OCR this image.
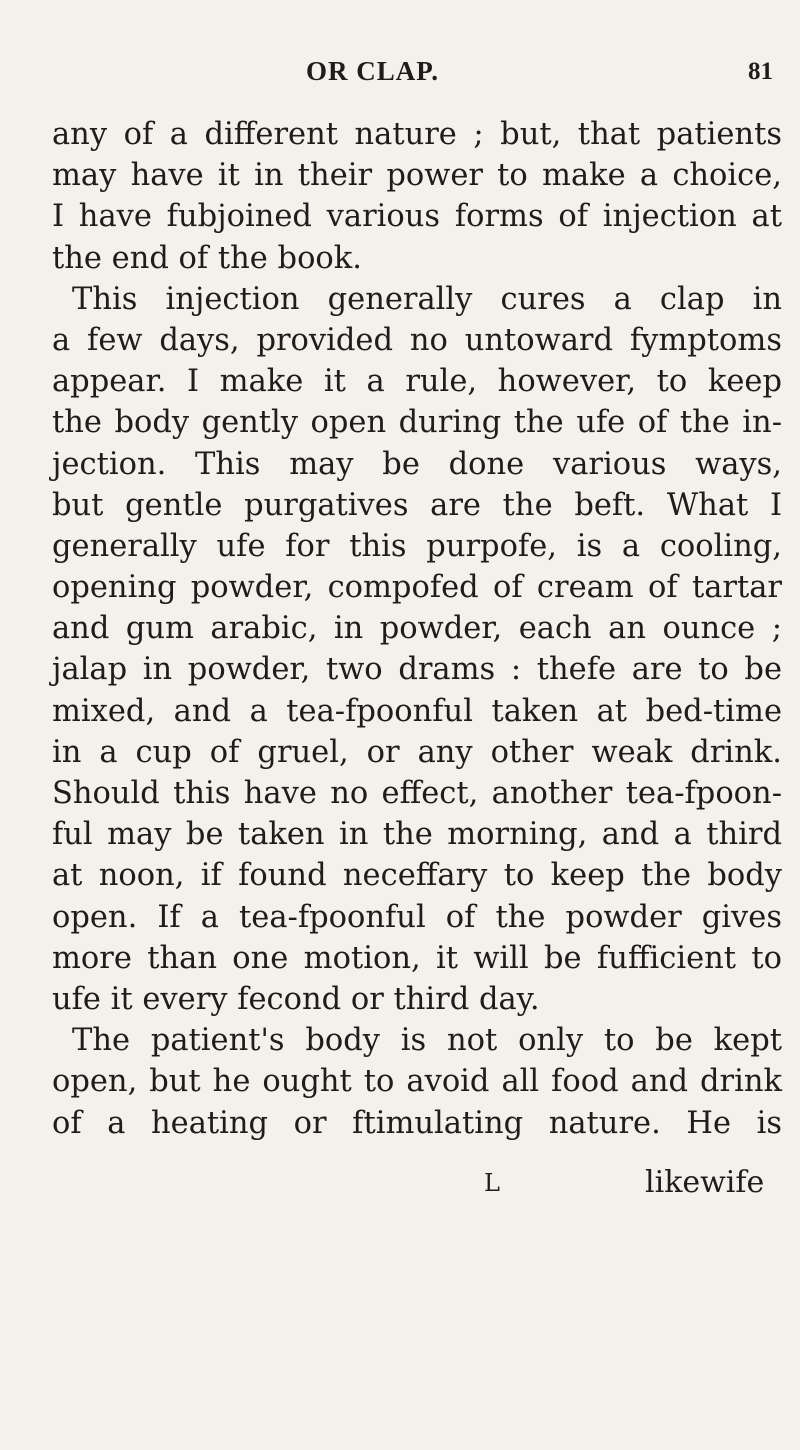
OR CLAP.	81
any of a different nature ; but, that patients
may have it in their power to make a choice,
I have fubjoined various forms of injection at
the end of the book.
This injection generally cures a clap in
a few days, provided no untoward fymptoms
appear. I make it a rule, however, to keep
the body gently open during the ufe of the in-
jection. This may be done various ways,
but gentle purgatives are the beft. What I
generally ufe for this purpofe, is a cooling,
opening powder, compofed of cream of tartar
and gum arabic, in powder, each an ounce ;
jalap in powder, two drams : thefe are to be
mixed, and a tea-fpoonful taken at bed-time
in a cup of gruel, or any other weak drink.
Should this have no effect, another tea-fpoon-
ful may be taken in the morning, and a third
at noon, if found neceffary to keep the body
open. If a tea-fpoonful of the powder gives
more than one motion, it will be fufficient to
ufe it every fecond or third day.
The patient's body is not only to be kept
open, but he ought to avoid all food and drink
of a heating or ftimulating nature. He is
L	likewife
